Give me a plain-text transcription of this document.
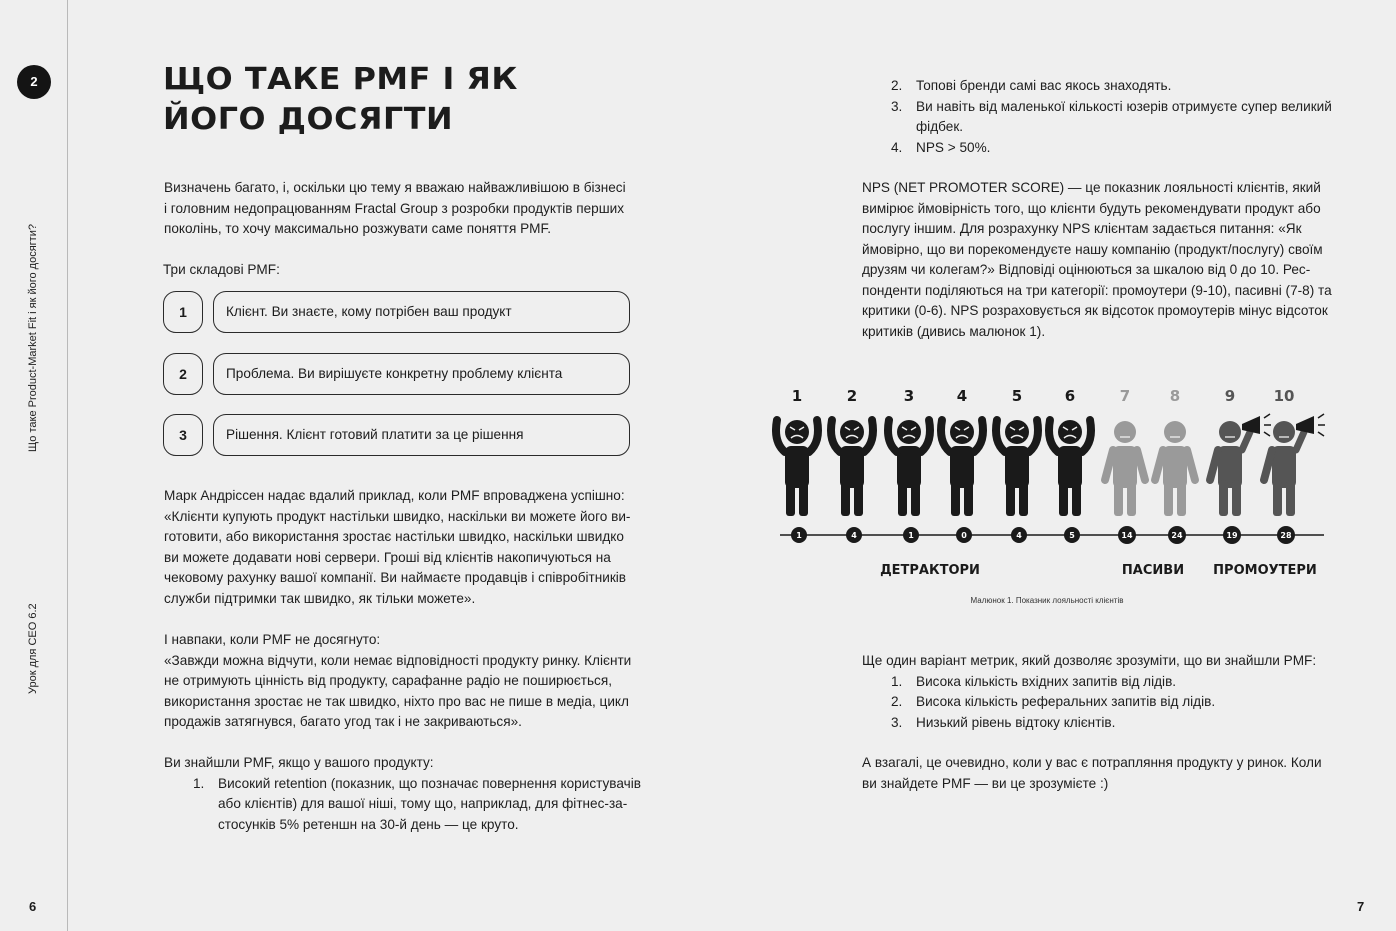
2
Що таке Product-Market Fit і як його досягти?
Урок для CEO 6.2
6	7
ЩО ТАКЕ PMF І ЯК
ЙОГО ДОСЯГТИ

Визначень багато, і, оскільки цю тему я вважаю найважливішою в бізнесі

і головним недопрацюванням Fractal Group з розробки продуктів перших

поколінь, то хочу максимально розжувати саме поняття PMF.

Три складові PMF:
1	Клієнт. Ви знаєте, кому потрібен ваш продукт
2	Проблема. Ви вирішуєте конкретну проблему клієнта
3	Рішення. Клієнт готовий платити за це рішення

Марк Андріссен надає вдалий приклад, коли PMF впроваджена успішно:

«Клієнти купують продукт настільки швидко, наскільки ви можете його ви-

готовити, або використання зростає настільки швидко, наскільки швидко

ви можете додавати нові сервери. Гроші від клієнтів накопичуються на

чековому рахунку вашої компанії. Ви наймаєте продавців і співробітників

служби підтримки так швидко, як тільки можете».

І навпаки, коли PMF не досягнуто:

«Завжди можна відчути, коли немає відповідності продукту ринку. Клієнти

не отримують цінність від продукту, сарафанне радіо не поширюється,

використання зростає не так швидко, ніхто про вас не пише в медіа, цикл

продажів затягнувся, багато угод так і не закриваються».

Ви знайшли PMF, якщо у вашого продукту:

1. Високий retention (показник, що позначає повернення користувачів

або клієнтів) для вашої ніші, тому що, наприклад, для фітнес-за-

стосунків 5% ретеншн на 30-й день — це круто.

2. Топові бренди самі вас якось знаходять.

3. Ви навіть від маленької кількості юзерів отримуєте супер великий

фідбек.

4. NPS > 50%.

NPS (NET PROMOTER SCORE) — це показник лояльності клієнтів, який

вимірює ймовірність того, що клієнти будуть рекомендувати продукт або

послугу іншим. Для розрахунку NPS клієнтам задається питання: «Як

ймовірно, що ви порекомендуєте нашу компанію (продукт/послугу) своїм

друзям чи колегам?» Відповіді оцінюються за шкалою від 0 до 10. Рес-

понденти поділяються на три категорії: промоутери (9-10), пасивні (7-8) та

критики (0-6). NPS розраховується як відсоток промоутерів мінус відсоток

критиків (дивись малюнок 1).

1
1
2
4
3
1
4
0
5
4
6
5
7
14
8
24
9
19
10
28
ДЕТРАКТОРИ	ПАСИВИ ПРОМОУТЕРИ
Малюнок 1. Показник лояльності клієнтів

Ще один варіант метрик, який дозволяє зрозуміти, що ви знайшли PMF:

1. Висока кількість вхідних запитів від лідів.

2. Висока кількість реферальних запитів від лідів.

3. Низький рівень відтоку клієнтів.

А взагалі, це очевидно, коли у вас є потрапляння продукту у ринок. Коли

ви знайдете PMF — ви це зрозумієте :)
